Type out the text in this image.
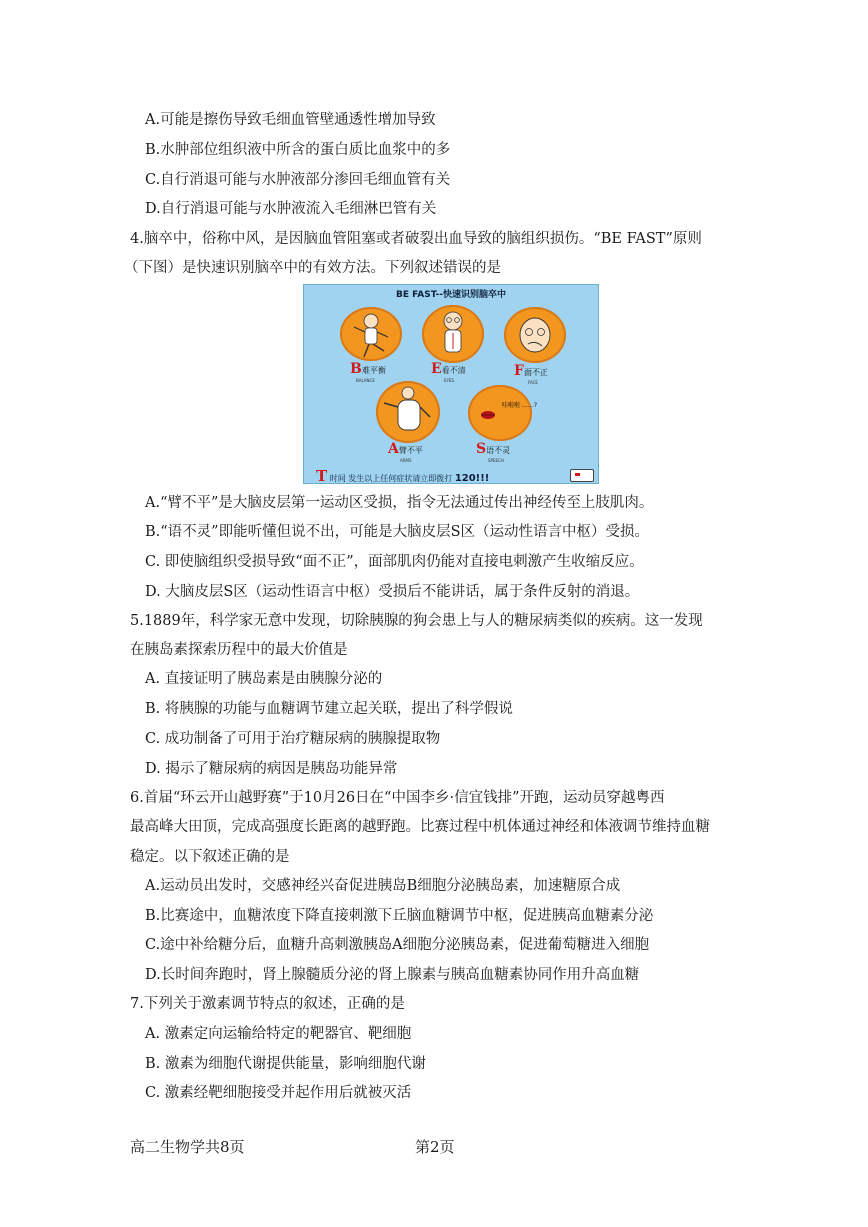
A.可能是擦伤导致毛细血管壁通透性增加导致
B.水肿部位组织液中所含的蛋白质比血浆中的多
C.自行消退可能与水肿液部分渗回毛细血管有关
D.自行消退可能与水肿液流入毛细淋巴管有关
4.脑卒中，俗称中风，是因脑血管阻塞或者破裂出血导致的脑组织损伤。“BE FAST”原则
（下图）是快速识别脑卒中的有效方法。下列叙述错误的是
BE FAST--快速识别脑卒中
B难平衡
BALANCE
E看不清
EYES
F面不正
FACE
A臂不平
ARMS
哇啦啦 ……?
S语不灵
SPEECH
T 时间 发生以上任何症状请立即拨打 120!!!
A.“臂不平”是大脑皮层第一运动区受损，指令无法通过传出神经传至上肢肌肉。
B.“语不灵”即能听懂但说不出，可能是大脑皮层S区（运动性语言中枢）受损。
C. 即使脑组织受损导致“面不正”，面部肌肉仍能对直接电刺激产生收缩反应。
D. 大脑皮层S区（运动性语言中枢）受损后不能讲话，属于条件反射的消退。
5.1889年，科学家无意中发现，切除胰腺的狗会患上与人的糖尿病类似的疾病。这一发现
在胰岛素探索历程中的最大价值是
A. 直接证明了胰岛素是由胰腺分泌的
B. 将胰腺的功能与血糖调节建立起关联，提出了科学假说
C. 成功制备了可用于治疗糖尿病的胰腺提取物
D. 揭示了糖尿病的病因是胰岛功能异常
6.首届“环云开山越野赛”于10月26日在“中国李乡·信宜钱排”开跑，运动员穿越粤西
最高峰大田顶，完成高强度长距离的越野跑。比赛过程中机体通过神经和体液调节维持血糖
稳定。以下叙述正确的是
A.运动员出发时，交感神经兴奋促进胰岛B细胞分泌胰岛素，加速糖原合成
B.比赛途中，血糖浓度下降直接刺激下丘脑血糖调节中枢，促进胰高血糖素分泌
C.途中补给糖分后，血糖升高刺激胰岛A细胞分泌胰岛素，促进葡萄糖进入细胞
D.长时间奔跑时，肾上腺髓质分泌的肾上腺素与胰高血糖素协同作用升高血糖
7.下列关于激素调节特点的叙述，正确的是
A. 激素定向运输给特定的靶器官、靶细胞
B. 激素为细胞代谢提供能量，影响细胞代谢
C. 激素经靶细胞接受并起作用后就被灭活
高二生物学共8页	第2页
